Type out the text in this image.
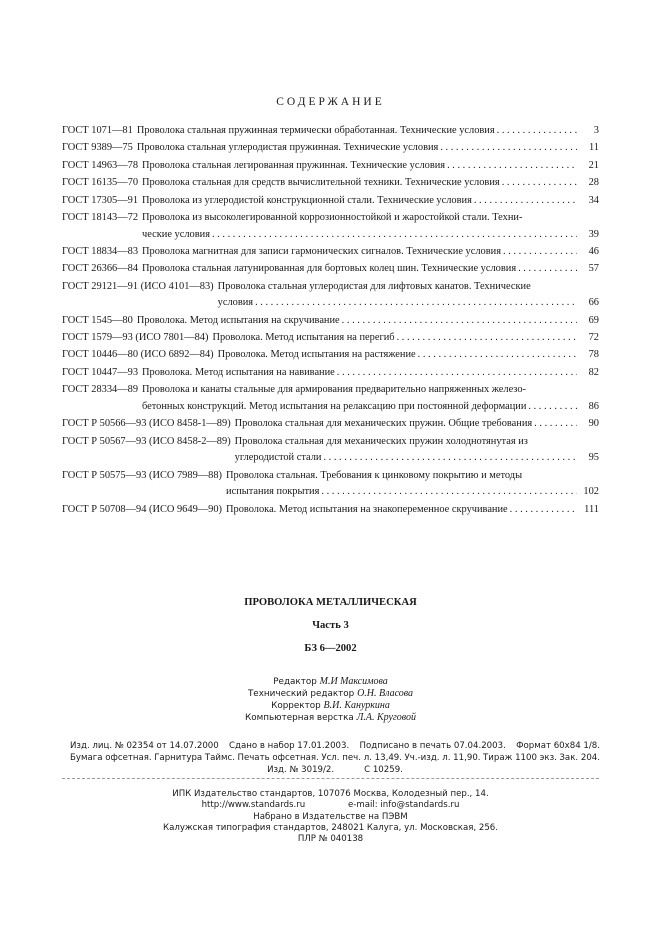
СОДЕРЖАНИЕ
ГОСТ 1071—81 Проволока стальная пружинная термически обработанная. Технические условия . . .	3
ГОСТ 9389—75 Проволока стальная углеродистая пружинная. Технические условия . . .	11
ГОСТ 14963—78 Проволока стальная легированная пружинная. Технические условия . . .	21
ГОСТ 16135—70 Проволока стальная для средств вычислительной техники. Технические условия . . .	28
ГОСТ 17305—91 Проволока из углеродистой конструкционной стали. Технические условия . . .	34
ГОСТ 18143—72 Проволока из высоколегированной коррозионностойкой и жаростойкой стали. Техни-
ческие условия . . .	39
ГОСТ 18834—83 Проволока магнитная для записи гармонических сигналов. Технические условия . . .	46
ГОСТ 26366—84 Проволока стальная латунированная для бортовых колец шин. Технические условия . . .	57
ГОСТ 29121—91 (ИСО 4101—83) Проволока стальная углеродистая для лифтовых канатов. Технические
условия . . .	66
ГОСТ 1545—80 Проволока. Метод испытания на скручивание . . .	69
ГОСТ 1579—93 (ИСО 7801—84) Проволока. Метод испытания на перегиб . . .	72
ГОСТ 10446—80 (ИСО 6892—84) Проволока. Метод испытания на растяжение . . .	78
ГОСТ 10447—93 Проволока. Метод испытания на навивание . . .	82
ГОСТ 28334—89 Проволока и канаты стальные для армирования предварительно напряженных железо-
бетонных конструкций. Метод испытания на релаксацию при постоянной деформации . . .	86
ГОСТ Р 50566—93 (ИСО 8458-1—89) Проволока стальная для механических пружин. Общие требования . . .	90
ГОСТ Р 50567—93 (ИСО 8458-2—89) Проволока стальная для механических пружин холоднотянутая из
углеродистой стали . . .	95
ГОСТ Р 50575—93 (ИСО 7989—88) Проволока стальная. Требования к цинковому покрытию и методы
испытания покрытия . . .	102
ГОСТ Р 50708—94 (ИСО 9649—90) Проволока. Метод испытания на знакопеременное скручивание . . .	111
ПРОВОЛОКА МЕТАЛЛИЧЕСКАЯ
Часть 3
БЗ 6—2002
Редактор М.И Максимова
Технический редактор О.Н. Власова
Корректор В.И. Кануркина
Компьютерная верстка Л.А. Круговой
Изд. лиц. № 02354 от 14.07.2000 Сдано в набор 17.01.2003. Подписано в печать 07.04.2003. Формат 60х84 1/8.
Бумага офсетная. Гарнитура Таймс. Печать офсетная. Усл. печ. л. 13,49. Уч.-изд. л. 11,90. Тираж 1100 экз. Зак. 204.
Изд. № 3019/2.	С 10259.
ИПК Издательство стандартов, 107076 Москва, Колодезный пер., 14.
http://www.standards.ru	e-mail: info@standards.ru
Набрано в Издательстве на ПЭВМ
Калужская типография стандартов, 248021 Калуга, ул. Московская, 256.
ПЛР № 040138
